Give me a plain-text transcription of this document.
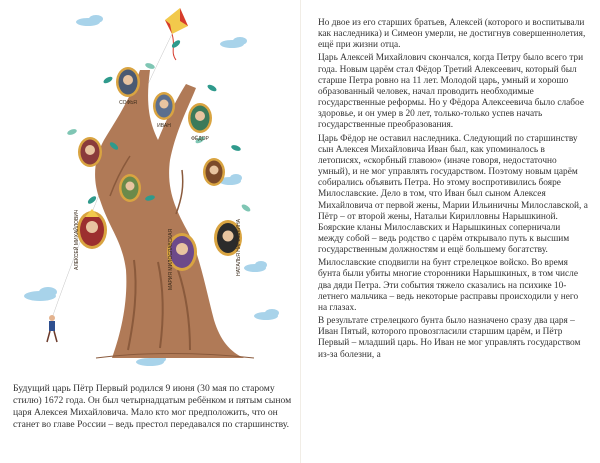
СОФЬЯ
ИВАН
ФЁДОР
АЛЕКСЕЙ МИХАЙЛОВИЧ	МАРИЯ МИЛОСЛАВСКАЯ	НАТАЛЬЯ НАРЫШКИНА

Будущий царь Пётр Первый родился 9 июня (30 мая по старому стилю) 1672 года. Он был четырнадцатым ребёнком и пятым сыном царя Алексея Михайловича. Мало кто мог предположить, что он станет во главе России – ведь престол передавался по старшинству.

Но двое из его старших братьев, Алексей (которого и воспитывали как наследника) и Симеон умерли, не достигнув совершеннолетия, ещё при жизни отца.

Царь Алексей Михайлович скончался, когда Петру было всего три года. Новым царём стал Фёдор Третий Алексеевич, который был старше Петра ровно на 11 лет. Молодой царь, умный и хорошо образованный человек, начал проводить необходимые государственные реформы. Но у Фёдора Алексеевича было слабое здоровье, и он умер в 20 лет, только-только успев начать государственные преобразования.

Царь Фёдор не оставил наследника. Следующий по старшинству сын Алексея Михайловича Иван был, как упоминалось в летописях, «скорбный главою» (иначе говоря, недостаточно умный), и не мог управлять государством. Поэтому новым царём собирались объявить Петра. Но этому воспротивились бояре Милославские. Дело в том, что Иван был сыном Алексея Михайловича от первой жены, Марии Ильиничны Милославской, а Пётр – от второй жены, Натальи Кирилловны Нарышкиной. Боярские кланы Милославских и Нарышкиных соперничали между собой – ведь родство с царём открывало путь к высшим государственным должностям и ещё большему богатству.

Милославские сподвигли на бунт стрелецкое войско. Во время бунта были убиты многие сторонники Нарышкиных, в том числе два дяди Петра. Эти события тяжело сказались на психике 10-летнего мальчика – ведь некоторые расправы происходили у него на глазах.

В результате стрелецкого бунта было назначено сразу два царя – Иван Пятый, которого провозгласили старшим царём, и Пётр Первый – младший царь. Но Иван не мог управлять государством из-за болезни, а
